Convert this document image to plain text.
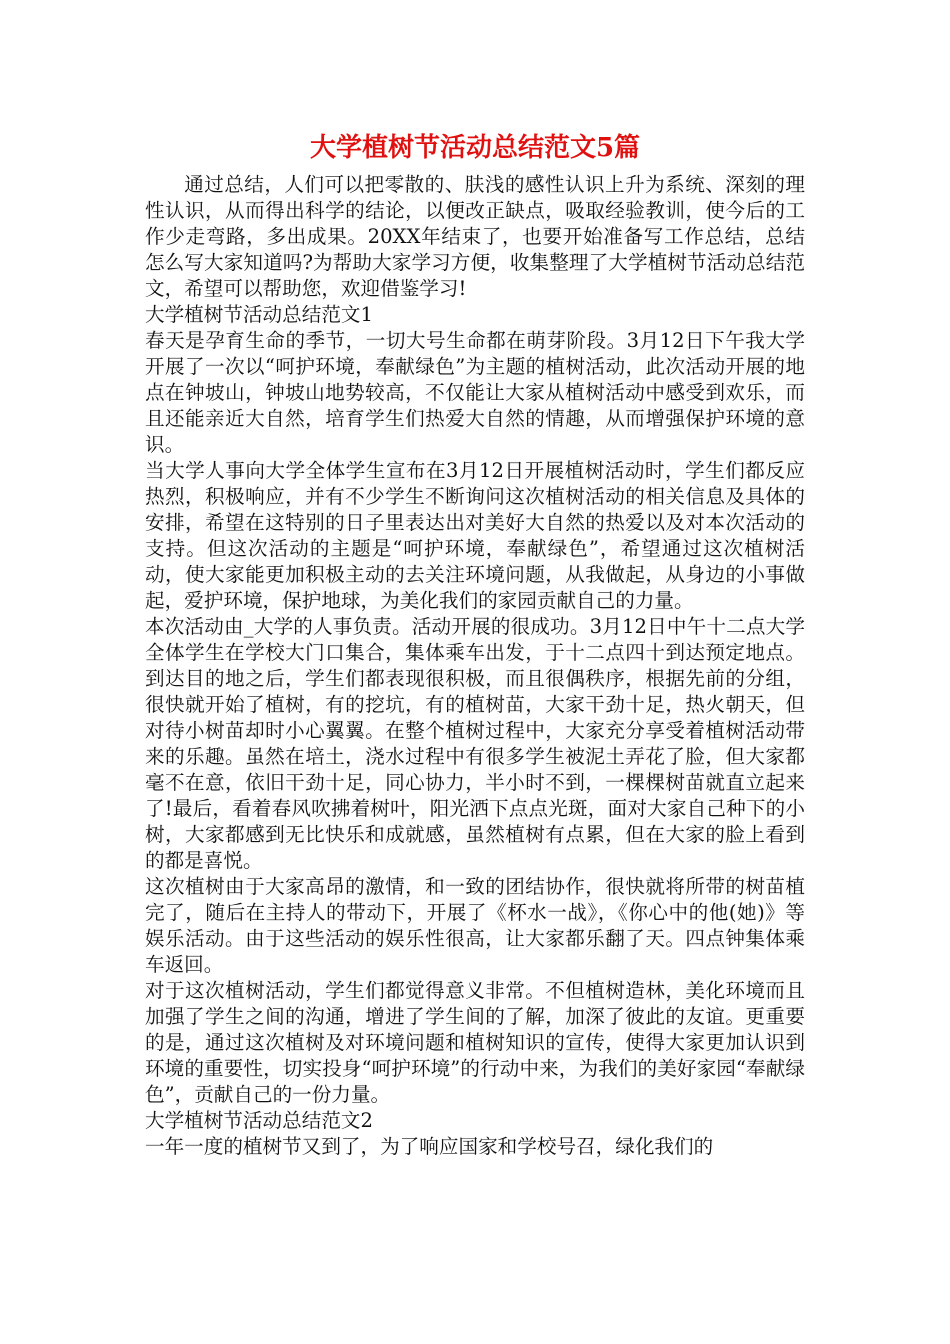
大学植树节活动总结范文5篇

通过总结，人们可以把零散的、肤浅的感性认识上升为系统、深刻的理性认识，从而得出科学的结论，以便改正缺点，吸取经验教训，使今后的工作少走弯路，多出成果。20XX年结束了，也要开始准备写工作总结，总结怎么写大家知道吗?为帮助大家学习方便，收集整理了大学植树节活动总结范文，希望可以帮助您，欢迎借鉴学习!

大学植树节活动总结范文1

春天是孕育生命的季节，一切大号生命都在萌芽阶段。3月12日下午我大学开展了一次以“呵护环境，奉献绿色”为主题的植树活动，此次活动开展的地点在钟坡山，钟坡山地势较高，不仅能让大家从植树活动中感受到欢乐，而且还能亲近大自然，培育学生们热爱大自然的情趣，从而增强保护环境的意识。

当大学人事向大学全体学生宣布在3月12日开展植树活动时，学生们都反应热烈，积极响应，并有不少学生不断询问这次植树活动的相关信息及具体的安排，希望在这特别的日子里表达出对美好大自然的热爱以及对本次活动的支持。但这次活动的主题是“呵护环境，奉献绿色”，希望通过这次植树活动，使大家能更加积极主动的去关注环境问题，从我做起，从身边的小事做起，爱护环境，保护地球，为美化我们的家园贡献自己的力量。

本次活动由_大学的人事负责。活动开展的很成功。3月12日中午十二点大学全体学生在学校大门口集合，集体乘车出发，于十二点四十到达预定地点。到达目的地之后，学生们都表现很积极，而且很偶秩序，根据先前的分组，很快就开始了植树，有的挖坑，有的植树苗，大家干劲十足，热火朝天，但对待小树苗却时小心翼翼。在整个植树过程中，大家充分享受着植树活动带来的乐趣。虽然在培土，浇水过程中有很多学生被泥土弄花了脸，但大家都毫不在意，依旧干劲十足，同心协力，半小时不到，一棵棵树苗就直立起来了!最后，看着春风吹拂着树叶，阳光洒下点点光斑，面对大家自己种下的小树，大家都感到无比快乐和成就感，虽然植树有点累，但在大家的脸上看到的都是喜悦。

这次植树由于大家高昂的激情，和一致的团结协作，很快就将所带的树苗植完了，随后在主持人的带动下，开展了《杯水一战》，《你心中的他(她)》等娱乐活动。由于这些活动的娱乐性很高，让大家都乐翻了天。四点钟集体乘车返回。

对于这次植树活动，学生们都觉得意义非常。不但植树造林，美化环境而且加强了学生之间的沟通，增进了学生间的了解，加深了彼此的友谊。更重要的是，通过这次植树及对环境问题和植树知识的宣传，使得大家更加认识到环境的重要性，切实投身“呵护环境”的行动中来，为我们的美好家园“奉献绿色”，贡献自己的一份力量。

大学植树节活动总结范文2

一年一度的植树节又到了，为了响应国家和学校号召，绿化我们的
